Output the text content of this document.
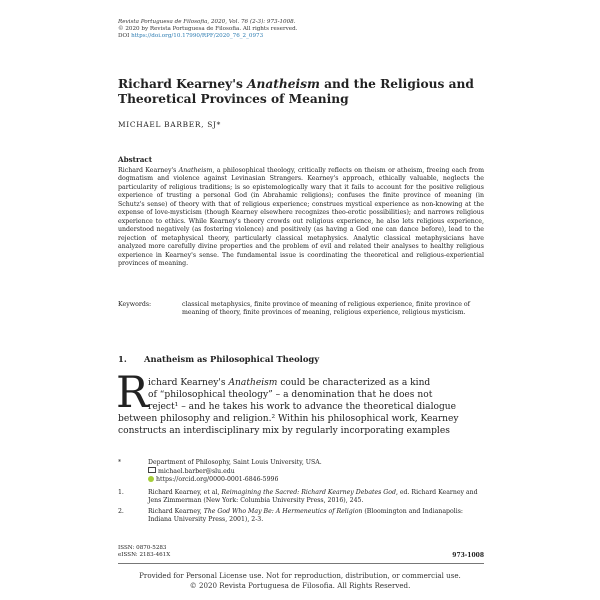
Revista Portuguesa de Filosofia, 2020, Vol. 76 (2-3): 973-1008.
© 2020 by Revista Portuguesa de Filosofia. All rights reserved.
DOI https://doi.org/10.17990/RPF/2020_76_2_0973
Richard Kearney's Anatheism and the Religious and
Theoretical Provinces of Meaning
MICHAEL BARBER, SJ*
Abstract
Richard Kearney's Anatheism, a philosophical theology, critically reflects on theism or atheism, freeing each from dogmatism and violence against Levinasian Strangers. Kearney's approach, ethically valuable, neglects the particularity of religious traditions; is so epistemologically wary that it fails to account for the positive religious experience of trusting a personal God (in Abrahamic religions); confuses the finite province of meaning (in Schutz's sense) of theory with that of religious experience; construes mystical experience as non-knowing at the expense of love-mysticism (though Kearney elsewhere recognizes theo-erotic possibilities); and narrows religious experience to ethics. While Kearney's theory crowds out religious experience, he also lets religious experience, understood negatively (as fostering violence) and positively (as having a God one can dance before), lead to the rejection of metaphysical theory, particularly classical metaphysics. Analytic classical metaphysicians have analyzed more carefully divine properties and the problem of evil and related their analyses to healthy religious experience in Kearney's sense. The fundamental issue is coordinating the theoretical and religious-experiential provinces of meaning.
Keywords:	classical metaphysics, finite province of meaning of religious experience, finite province of meaning of theory, finite provinces of meaning, religious experience, religious mysticism.
1. Anatheism as Philosophical Theology
R ichard Kearney's Anatheism could be characterized as a kind
of “philosophical theology” – a denomination that he does not
reject¹ – and he takes his work to advance the theoretical dialogue
between philosophy and religion.² Within his philosophical work, Kearney
constructs an interdisciplinary mix by regularly incorporating examples
*	Department of Philosophy, Saint Louis University, USA.
michael.barber@slu.edu
https://orcid.org/0000-0001-6846-5996
1.	Richard Kearney, et al, Reimagining the Sacred: Richard Kearney Debates God, ed. Richard Kearney and Jens Zimmerman (New York: Columbia University Press, 2016), 245.
2.	Richard Kearney, The God Who May Be: A Hermeneutics of Religion (Bloomington and Indianapolis: Indiana University Press, 2001), 2-3.
ISSN: 0870-5283
eISSN: 2183-461X	973-1008
Provided for Personal License use. Not for reproduction, distribution, or commercial use.
© 2020 Revista Portuguesa de Filosofia. All Rights Reserved.
